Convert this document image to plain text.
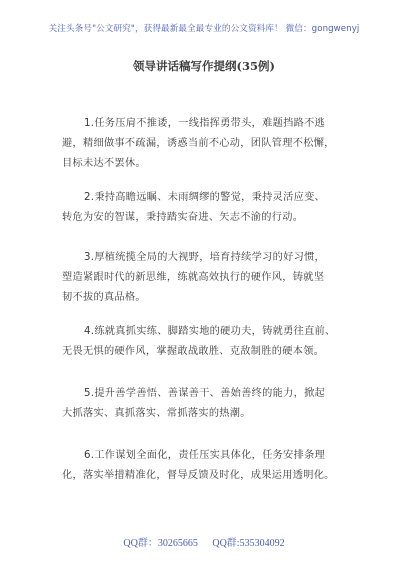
关注头条号"公文研究"，获得最新最全最专业的公文资料库！ 微信：gongwenyj
领导讲话稿写作提纲(35例)
1.任务压肩不推诿，一线指挥勇带头，难题挡路不逃
避，精细做事不疏漏，诱惑当前不心动，团队管理不松懈，
目标未达不罢休。
2.秉持高瞻远瞩、未雨绸缪的警觉，秉持灵活应变、
转危为安的智谋，秉持踏实奋进、矢志不渝的行动。
3.厚植统揽全局的大视野，培育持续学习的好习惯，
塑造紧跟时代的新思维，练就高效执行的硬作风，铸就坚
韧不拔的真品格。
4.练就真抓实练、脚踏实地的硬功夫，铸就勇往直前、
无畏无惧的硬作风，掌握敢战敢胜、克敌制胜的硬本领。
5.提升善学善悟、善谋善干、善始善终的能力，掀起
大抓落实、真抓落实、常抓落实的热潮。
6.工作谋划全面化，责任压实具体化，任务安排条理
化，落实举措精准化，督导反馈及时化，成果运用透明化。
QQ群：30265665 QQ群:535304092
